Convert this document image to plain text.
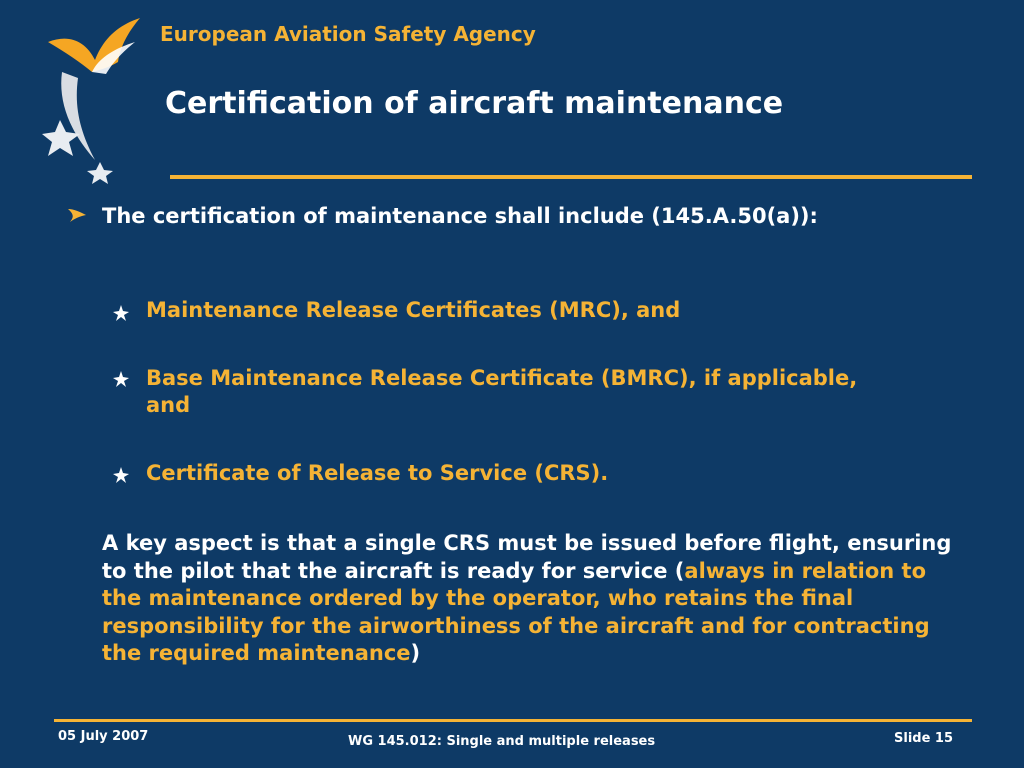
European Aviation Safety Agency
Certification of aircraft maintenance
The certification of maintenance shall include (145.A.50(a)):
Maintenance Release Certificates (MRC), and
Base Maintenance Release Certificate (BMRC), if applicable, and
Certificate of Release to Service (CRS).
A key aspect is that a single CRS must be issued before flight, ensuring to the pilot that the aircraft is ready for service (always in relation to the maintenance ordered by the operator, who retains the final responsibility for the airworthiness of the aircraft and for contracting the required maintenance)
05 July 2007	WG 145.012: Single and multiple releases	Slide 15
